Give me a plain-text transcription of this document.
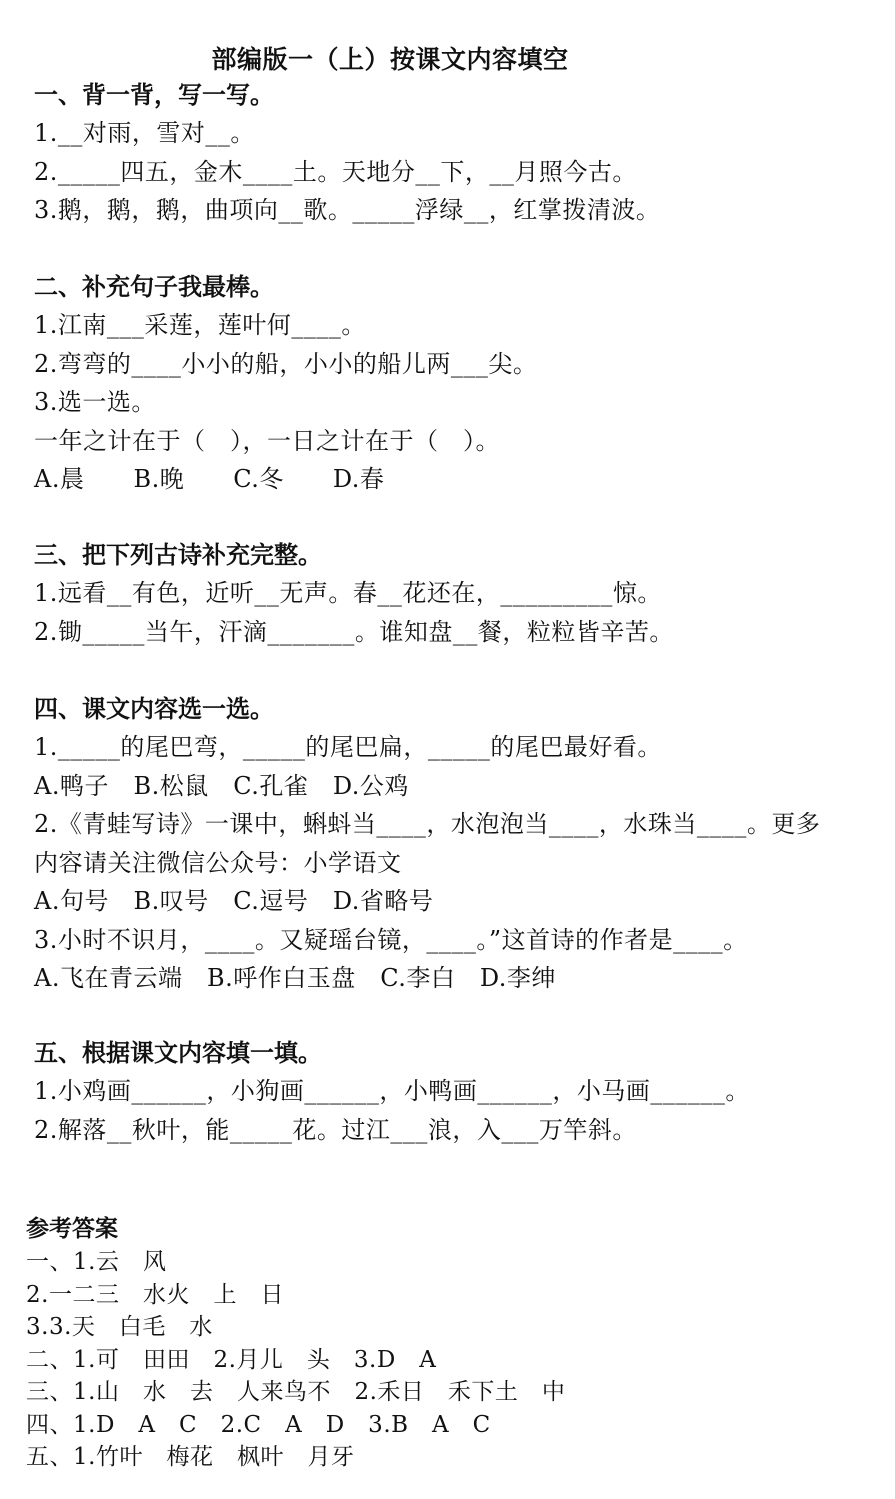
部编版一（上）按课文内容填空
一、背一背，写一写。
1.__对雨，雪对__。
2._____四五，金木____土。天地分__下，__月照今古。
3.鹅，鹅，鹅，曲项向__歌。_____浮绿__，红掌拨清波。
二、补充句子我最棒。
1.江南___采莲，莲叶何____。
2.弯弯的____小小的船，小小的船儿两___尖。
3.选一选。
一年之计在于（　），一日之计在于（　）。
A.晨　　B.晚　　C.冬　　D.春
三、把下列古诗补充完整。
1.远看__有色，近听__无声。春__花还在，_________惊。
2.锄_____当午，汗滴_______。谁知盘__餐，粒粒皆辛苦。
四、课文内容选一选。
1._____的尾巴弯，_____的尾巴扁，_____的尾巴最好看。
A.鸭子　B.松鼠　C.孔雀　D.公鸡
2.《青蛙写诗》一课中，蝌蚪当____，水泡泡当____，水珠当____。更多
内容请关注微信公众号：小学语文
A.句号　B.叹号　C.逗号　D.省略号
3.小时不识月，____。又疑瑶台镜，____。”这首诗的作者是____。
A.飞在青云端　B.呼作白玉盘　C.李白　D.李绅
五、根据课文内容填一填。
1.小鸡画______，小狗画______，小鸭画______，小马画______。
2.解落__秋叶，能_____花。过江___浪，入___万竿斜。
参考答案
一、1.云　风
2.一二三　水火　上　日
3.3.天　白毛　水
二、1.可　田田　2.月儿　头　3.D　A
三、1.山　水　去　人来鸟不　2.禾日　禾下土　中
四、1.D　A　C　2.C　A　D　3.B　A　C
五、1.竹叶　梅花　枫叶　月牙
